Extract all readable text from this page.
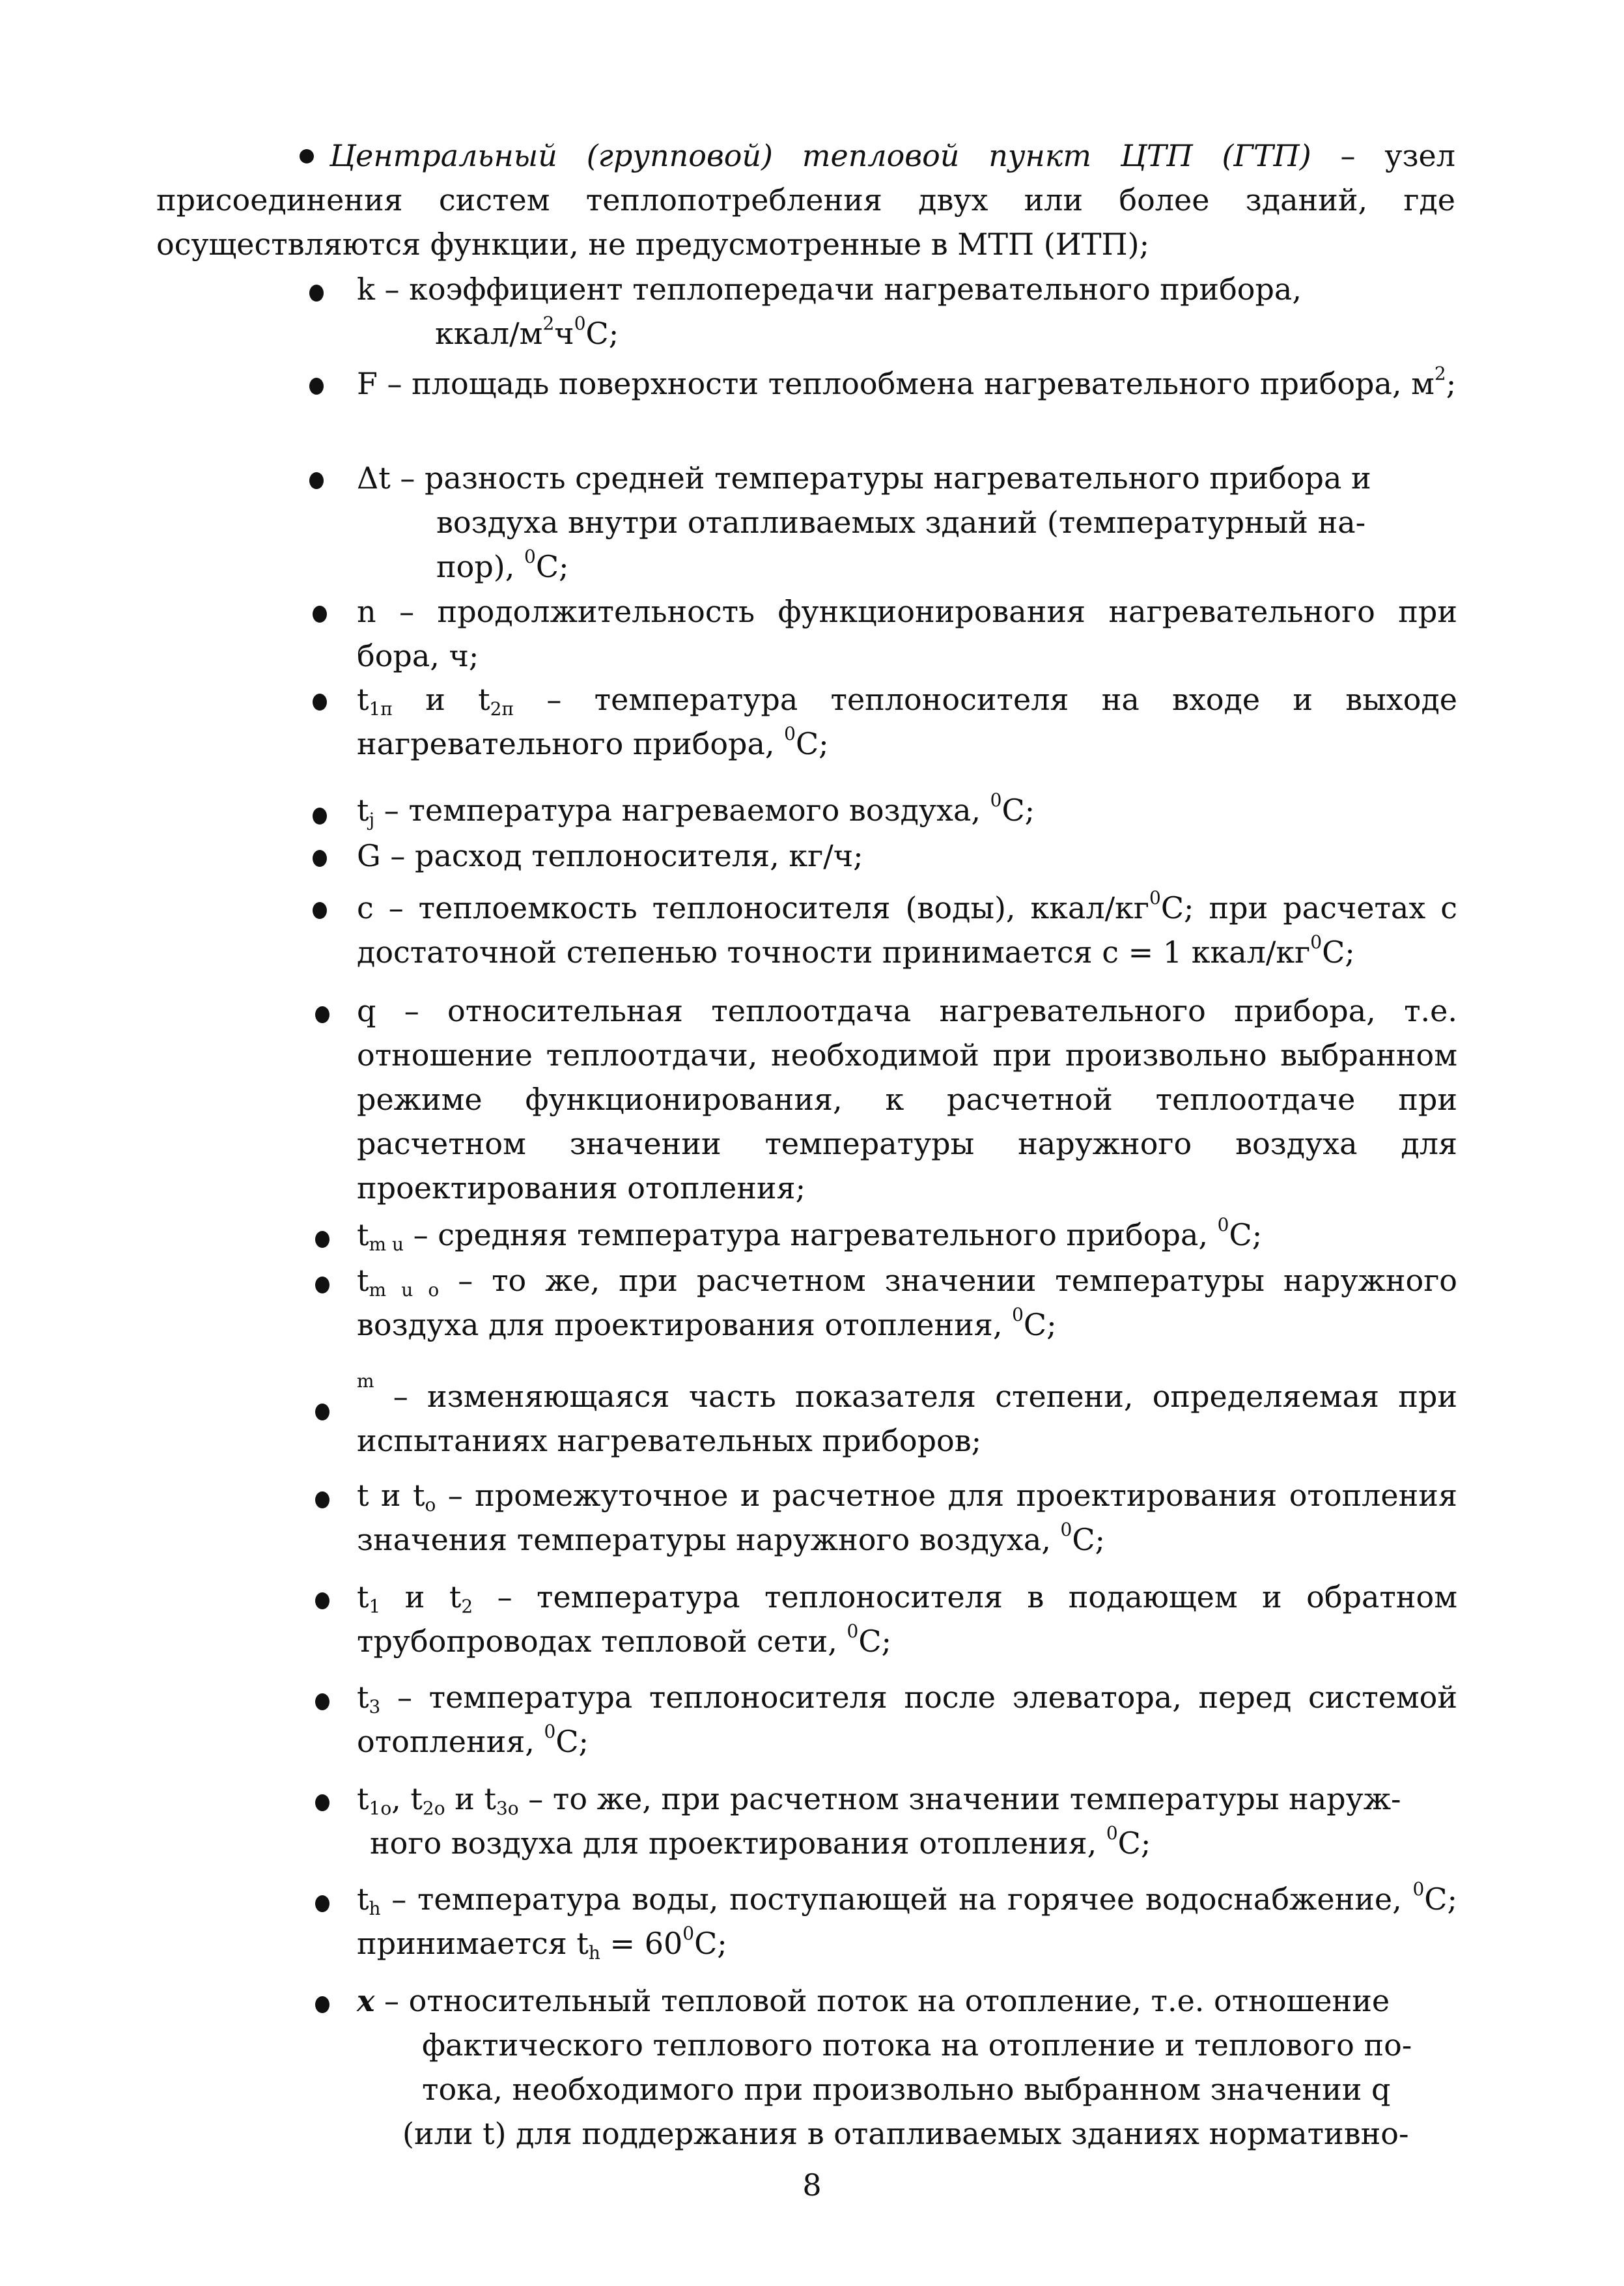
Центральный (групповой) тепловой пункт ЦТП (ГТП) – узел присоединения систем теплопотребления двух или более зданий, где осуществляются функции, не предусмотренные в МТП (ИТП);
k – коэффициент теплопередачи нагревательного прибора,
ккал/$м^2ч^0С$;
F – площадь поверхности теплообмена нагревательного прибора, $м^2$;
Δt – разность средней температуры нагревательного прибора и
воздуха внутри отапливаемых зданий (температурный на-
пор), $^0$С;
n – продолжительность функционирования нагревательного при бора, ч;
$t_{1п}$ и $t_{2п}$ – температура теплоносителя на входе и выходе нагревательного прибора, $^0$С;
$t_j$ – температура нагреваемого воздуха, $^0$С;
G – расход теплоносителя, кг/ч;
c – теплоемкость теплоносителя (воды), ккал/$кг^0С$; при расчетах с достаточной степенью точности принимается c = 1 ккал/$кг^0С$;
q – относительная теплоотдача нагревательного прибора, т.е. отношение теплоотдачи, необходимой при произвольно выбранном режиме функционирования, к расчетной теплоотдаче при расчетном значении температуры наружного воздуха для проектирования отопления;
$t_{m u}$ – средняя температура нагревательного прибора, $^0$С;
$t_{m u o}$ – то же, при расчетном значении температуры наружного воздуха для проектирования отопления, $^0$С;
$^m$ – изменяющаяся часть показателя степени, определяемая при испытаниях нагревательных приборов;
t и $t_o$ – промежуточное и расчетное для проектирования отопления значения температуры наружного воздуха, $^0$С;
$t_1$ и $t_2$ – температура теплоносителя в подающем и обратном трубопроводах тепловой сети, $^0$С;
$t_3$ – температура теплоносителя после элеватора, перед системой отопления, $^0$С;
$t_{1o}$, $t_{2o}$ и $t_{3o}$ – то же, при расчетном значении температуры наруж-
ного воздуха для проектирования отопления, $^0$С;
$t_h$ – температура воды, поступающей на горячее водоснабжение, $^0$С; принимается $t_h = 60^0С$;
x – относительный тепловой поток на отопление, т.е. отношение
фактического теплового потока на отопление и теплового по-
тока, необходимого при произвольно выбранном значении q
(или t) для поддержания в отапливаемых зданиях нормативно-
8
